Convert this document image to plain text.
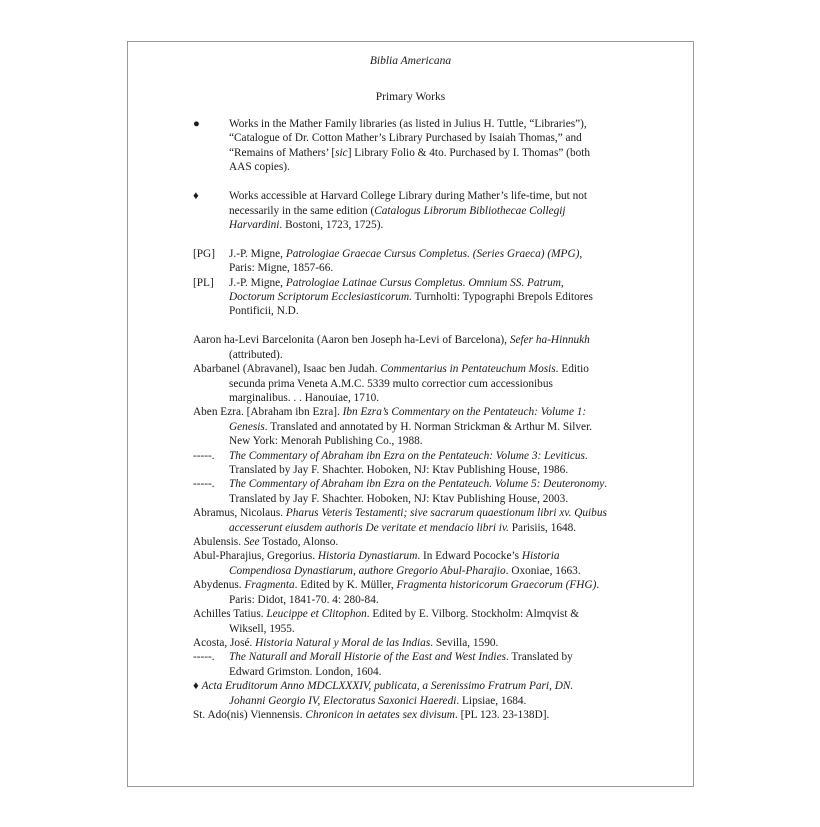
Biblia Americana
Primary Works
●	Works in the Mather Family libraries (as listed in Julius H. Tuttle, “Libraries”), “Catalogue of Dr. Cotton Mather’s Library Purchased by Isaiah Thomas,” and “Remains of Mathers’ [sic] Library Folio & 4to. Purchased by I. Thomas” (both AAS copies).
♦	Works accessible at Harvard College Library during Mather’s life-time, but not necessarily in the same edition (Catalogus Librorum Bibliothecae Collegij Harvardini. Bostoni, 1723, 1725).
[PG] J.-P. Migne, Patrologiae Graecae Cursus Completus. (Series Graeca) (MPG), Paris: Migne, 1857-66.
[PL] J.-P. Migne, Patrologiae Latinae Cursus Completus. Omnium SS. Patrum, Doctorum Scriptorum Ecclesiasticorum. Turnholti: Typographi Brepols Editores Pontificii, N.D.
Aaron ha-Levi Barcelonita (Aaron ben Joseph ha-Levi of Barcelona), Sefer ha-Hinnukh (attributed).
Abarbanel (Abravanel), Isaac ben Judah. Commentarius in Pentateuchum Mosis. Editio secunda prima Veneta A.M.C. 5339 multo correctior cum accessionibus marginalibus. . . Hanouiae, 1710.
Aben Ezra. [Abraham ibn Ezra]. Ibn Ezra’s Commentary on the Pentateuch: Volume 1: Genesis. Translated and annotated by H. Norman Strickman & Arthur M. Silver. New York: Menorah Publishing Co., 1988.
-----. The Commentary of Abraham ibn Ezra on the Pentateuch: Volume 3: Leviticus. Translated by Jay F. Shachter. Hoboken, NJ: Ktav Publishing House, 1986.
-----. The Commentary of Abraham ibn Ezra on the Pentateuch. Volume 5: Deuteronomy. Translated by Jay F. Shachter. Hoboken, NJ: Ktav Publishing House, 2003.
Abramus, Nicolaus. Pharus Veteris Testamenti; sive sacrarum quaestionum libri xv. Quibus accesserunt eiusdem authoris De veritate et mendacio libri iv. Parisiis, 1648.
Abulensis. See Tostado, Alonso.
Abul-Pharajius, Gregorius. Historia Dynastiarum. In Edward Pococke’s Historia Compendiosa Dynastiarum, authore Gregorio Abul-Pharajio. Oxoniae, 1663.
Abydenus. Fragmenta. Edited by K. Müller, Fragmenta historicorum Graecorum (FHG). Paris: Didot, 1841-70. 4: 280-84.
Achilles Tatius. Leucippe et Clitophon. Edited by E. Vilborg. Stockholm: Almqvist & Wiksell, 1955.
Acosta, José. Historia Natural y Moral de las Indias. Sevilla, 1590.
-----. The Naturall and Morall Historie of the East and West Indies. Translated by Edward Grimston. London, 1604.
♦ Acta Eruditorum Anno MDCLXXXIV, publicata, a Serenissimo Fratrum Pari, DN. Johanni Georgio IV, Electoratus Saxonici Haeredi. Lipsiae, 1684.
St. Ado(nis) Viennensis. Chronicon in aetates sex divisum. [PL 123. 23-138D].
